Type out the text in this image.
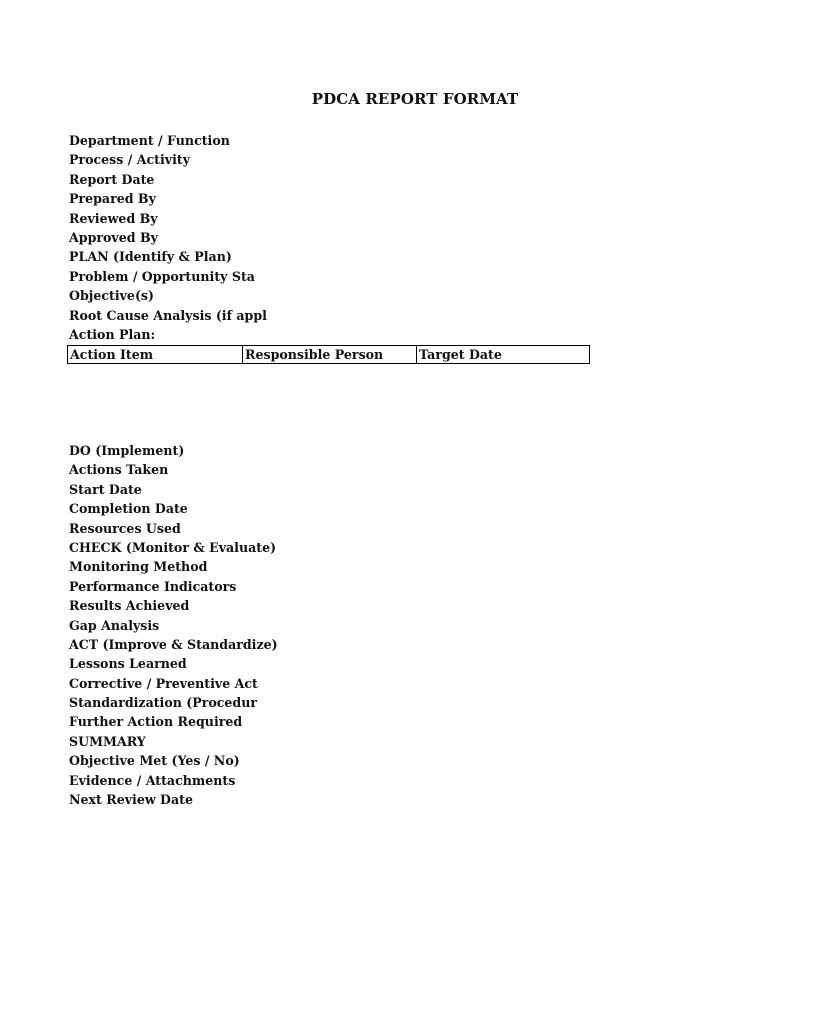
PDCA REPORT FORMAT
Department / Function
Process / Activity
Report Date
Prepared By
Reviewed By
Approved By
PLAN (Identify & Plan)
Problem / Opportunity Sta
Objective(s)
Root Cause Analysis (if appl
Action Plan:
Action Item	Responsible Person	Target Date
DO (Implement)
Actions Taken
Start Date
Completion Date
Resources Used
CHECK (Monitor & Evaluate)
Monitoring Method
Performance Indicators
Results Achieved
Gap Analysis
ACT (Improve & Standardize)
Lessons Learned
Corrective / Preventive Act
Standardization (Procedur
Further Action Required
SUMMARY
Objective Met (Yes / No)
Evidence / Attachments
Next Review Date
